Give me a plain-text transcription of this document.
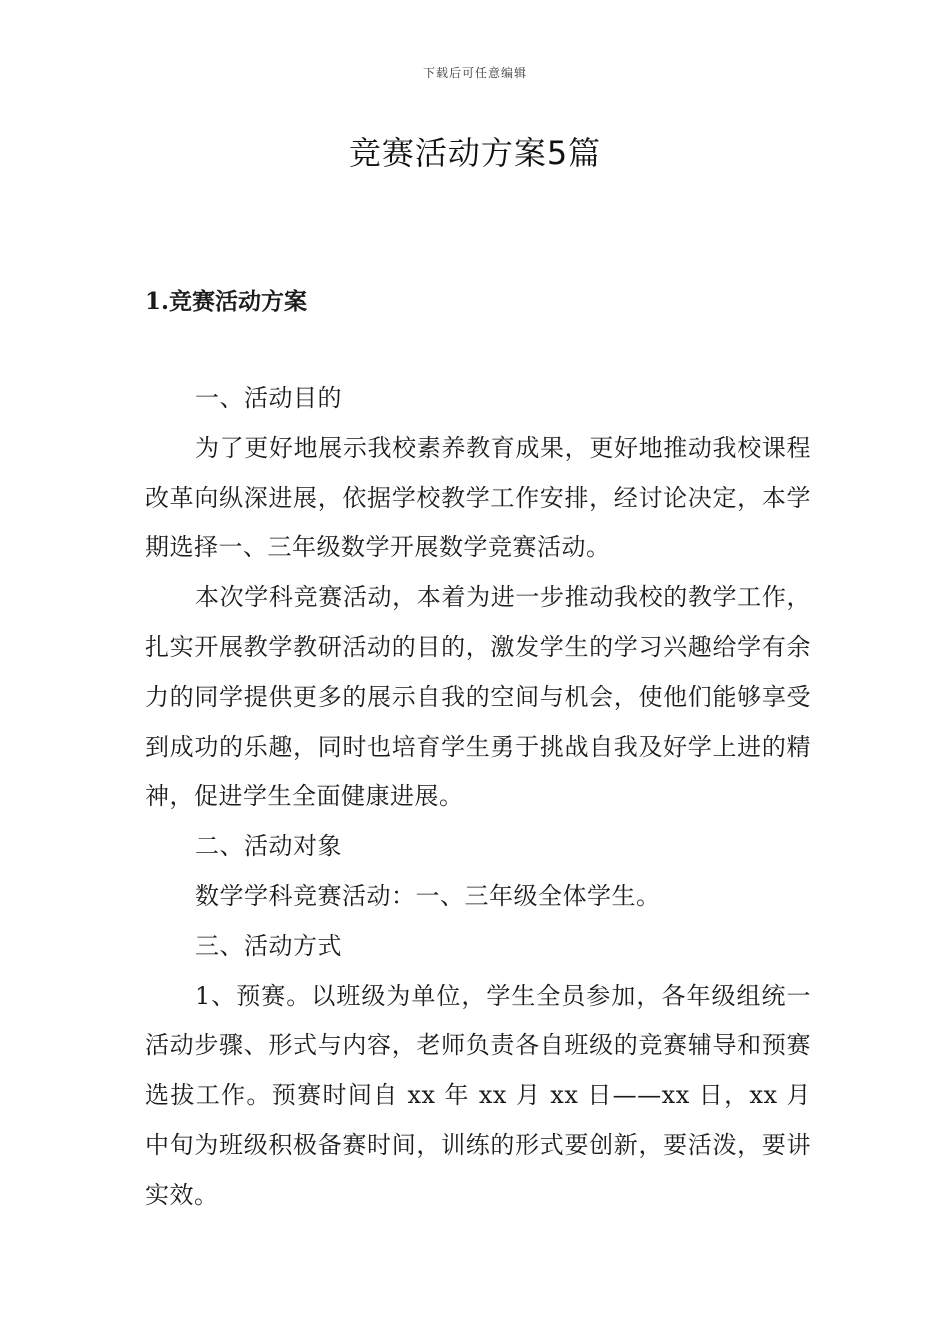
下载后可任意编辑
竞赛活动方案5篇
1.竞赛活动方案

一、活动目的

为了更好地展示我校素养教育成果，更好地推动我校课程改革向纵深进展，依据学校教学工作安排，经讨论决定，本学期选择一、三年级数学开展数学竞赛活动。

本次学科竞赛活动，本着为进一步推动我校的教学工作，扎实开展教学教研活动的目的，激发学生的学习兴趣给学有余力的同学提供更多的展示自我的空间与机会，使他们能够享受到成功的乐趣，同时也培育学生勇于挑战自我及好学上进的精神，促进学生全面健康进展。

二、活动对象

数学学科竞赛活动：一、三年级全体学生。

三、活动方式

1、预赛。以班级为单位，学生全员参加，各年级组统一活动步骤、形式与内容，老师负责各自班级的竞赛辅导和预赛选拔工作。预赛时间自 xx 年 xx 月 xx 日——xx 日，xx 月中旬为班级积极备赛时间，训练的形式要创新，要活泼，要讲实效。
